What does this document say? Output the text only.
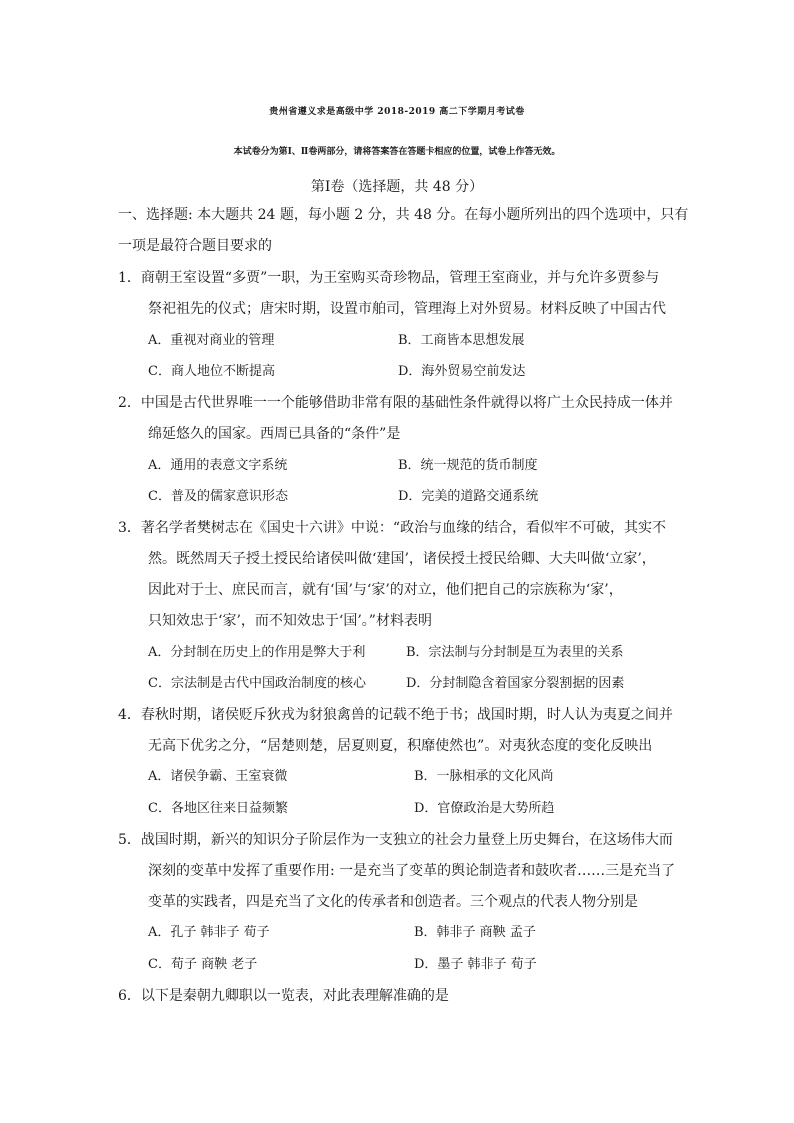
贵州省遵义求是高级中学 2018-2019 高二下学期月考试卷
本试卷分为第Ⅰ、Ⅱ卷两部分，请将答案答在答题卡相应的位置，试卷上作答无效。
第Ⅰ卷（选择题，共 48 分）
一、选择题: 本大题共 24 题，每小题 2 分，共 48 分。在每小题所列出的四个选项中，只有
一项是最符合题目要求的
1．商朝王室设置“多贾”一职，为王室购买奇珍物品，管理王室商业，并与允许多贾参与
祭祀祖先的仪式；唐宋时期，设置市舶司，管理海上对外贸易。材料反映了中国古代
A．重视对商业的管理	B．工商皆本思想发展
C．商人地位不断提高	D．海外贸易空前发达
2．中国是古代世界唯一一个能够借助非常有限的基础性条件就得以将广土众民持成一体并
绵延悠久的国家。西周已具备的“条件”是
A．通用的表意文字系统	B．统一规范的货币制度
C．普及的儒家意识形态	D．完美的道路交通系统
3．著名学者樊树志在《国史十六讲》中说：“政治与血缘的结合，看似牢不可破，其实不
然。既然周天子授土授民给诸侯叫做‘建国’，诸侯授土授民给卿、大夫叫做‘立家’，
因此对于士、庶民而言，就有‘国’与‘家’的对立，他们把自己的宗族称为‘家’，
只知效忠于‘家’，而不知效忠于‘国’。”材料表明
A．分封制在历史上的作用是弊大于利	B．宗法制与分封制是互为表里的关系
C．宗法制是古代中国政治制度的核心	D．分封制隐含着国家分裂割据的因素
4．春秋时期，诸侯贬斥狄戎为豺狼禽兽的记载不绝于书；战国时期，时人认为夷夏之间并
无高下优劣之分，“居楚则楚，居夏则夏，积靡使然也”。对夷狄态度的变化反映出
A．诸侯争霸、王室衰微	B．一脉相承的文化风尚
C．各地区往来日益频繁	D．官僚政治是大势所趋
5．战国时期，新兴的知识分子阶层作为一支独立的社会力量登上历史舞台，在这场伟大而
深刻的变革中发挥了重要作用: 一是充当了变革的舆论制造者和鼓吹者……三是充当了
变革的实践者，四是充当了文化的传承者和创造者。三个观点的代表人物分别是
A．孔子 韩非子 荀子	B．韩非子 商鞅 孟子
C．荀子 商鞅 老子	D．墨子 韩非子 荀子
6．以下是秦朝九卿职以一览表，对此表理解准确的是
